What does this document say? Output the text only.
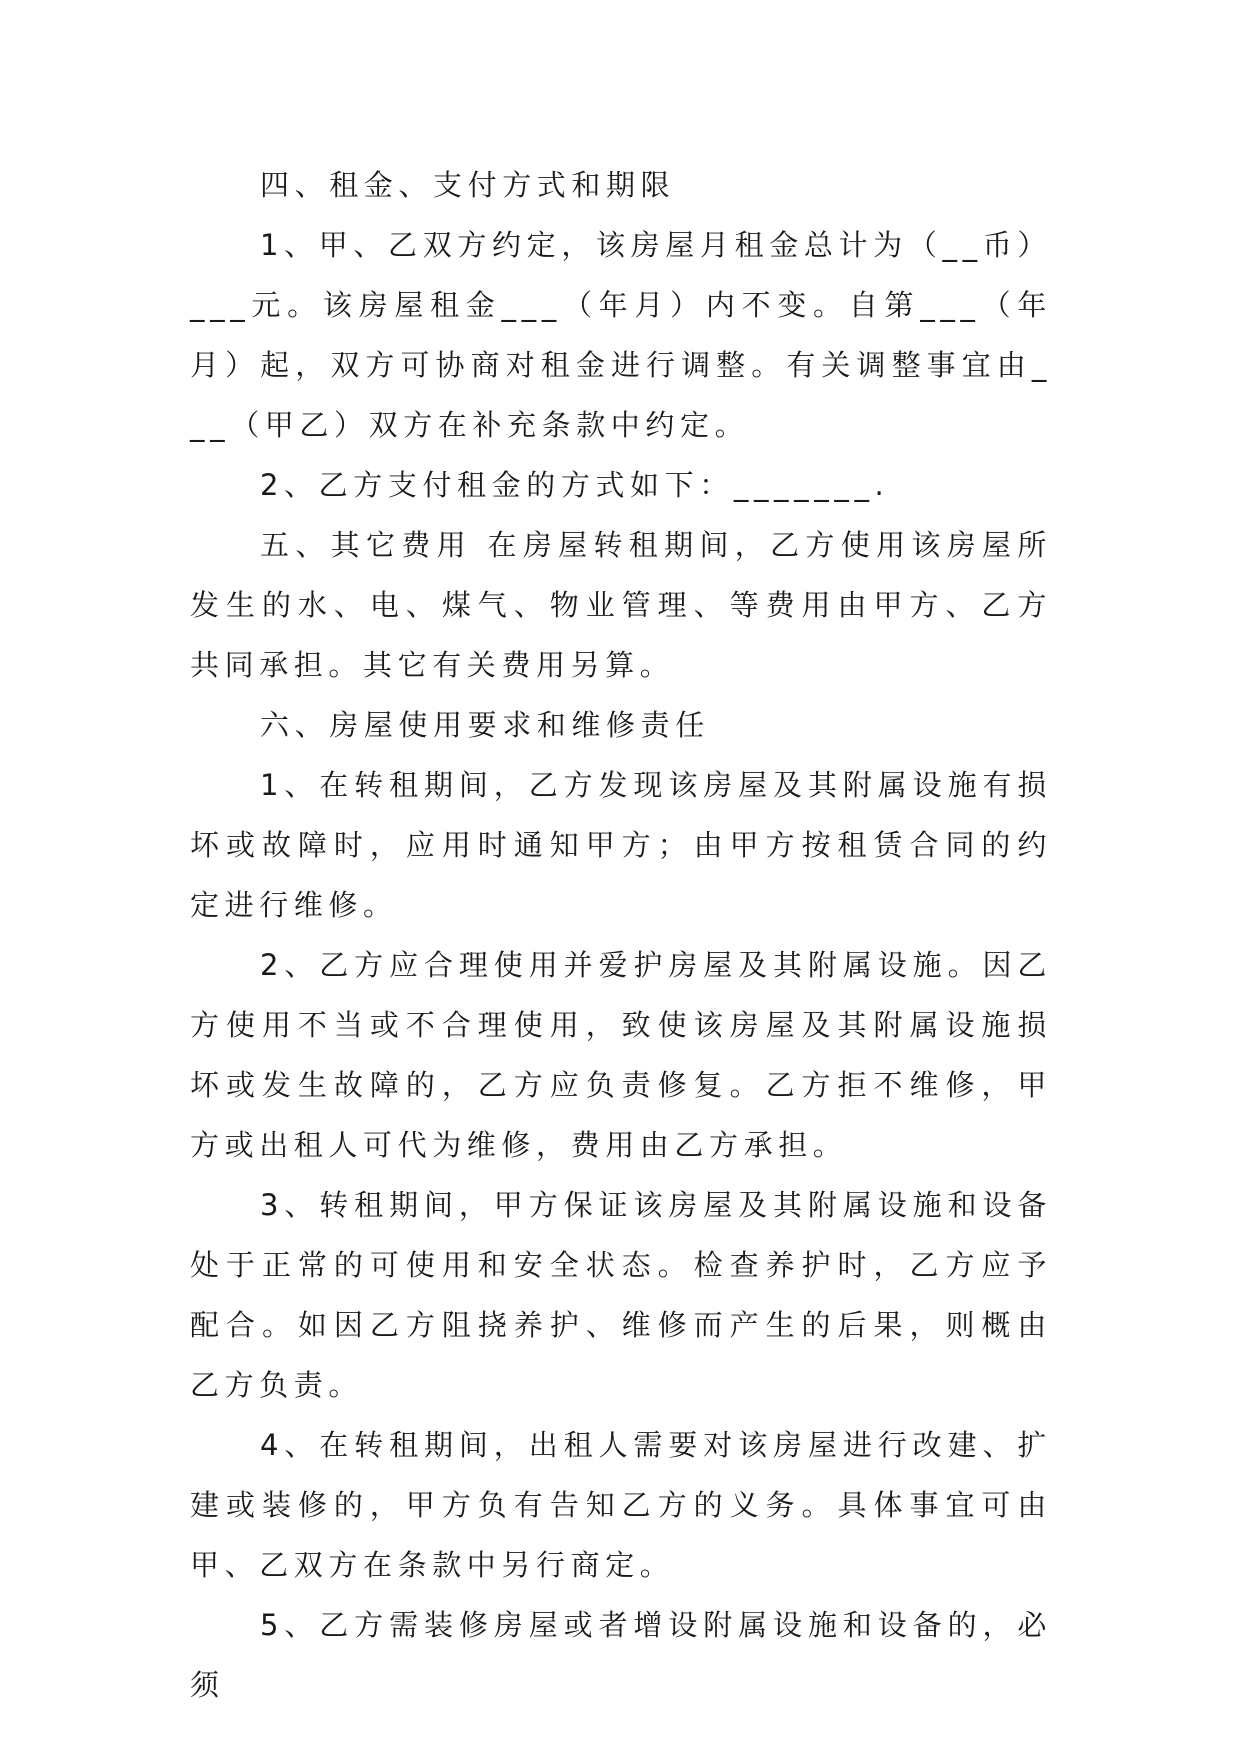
四、租金、支付方式和期限

1、甲、乙双方约定，该房屋月租金总计为（__币）___元。该房屋租金___（年月）内不变。自第___（年月）起，双方可协商对租金进行调整。有关调整事宜由___（甲乙）双方在补充条款中约定。

2、乙方支付租金的方式如下：_______.

五、其它费用 在房屋转租期间，乙方使用该房屋所发生的水、电、煤气、物业管理、等费用由甲方、乙方共同承担。其它有关费用另算。

六、房屋使用要求和维修责任

1、在转租期间，乙方发现该房屋及其附属设施有损坏或故障时，应用时通知甲方；由甲方按租赁合同的约定进行维修。

2、乙方应合理使用并爱护房屋及其附属设施。因乙方使用不当或不合理使用，致使该房屋及其附属设施损坏或发生故障的，乙方应负责修复。乙方拒不维修，甲方或出租人可代为维修，费用由乙方承担。

3、转租期间，甲方保证该房屋及其附属设施和设备处于正常的可使用和安全状态。检查养护时，乙方应予配合。如因乙方阻挠养护、维修而产生的后果，则概由乙方负责。

4、在转租期间，出租人需要对该房屋进行改建、扩建或装修的，甲方负有告知乙方的义务。具体事宜可由甲、乙双方在条款中另行商定。

5、乙方需装修房屋或者增设附属设施和设备的，必须
